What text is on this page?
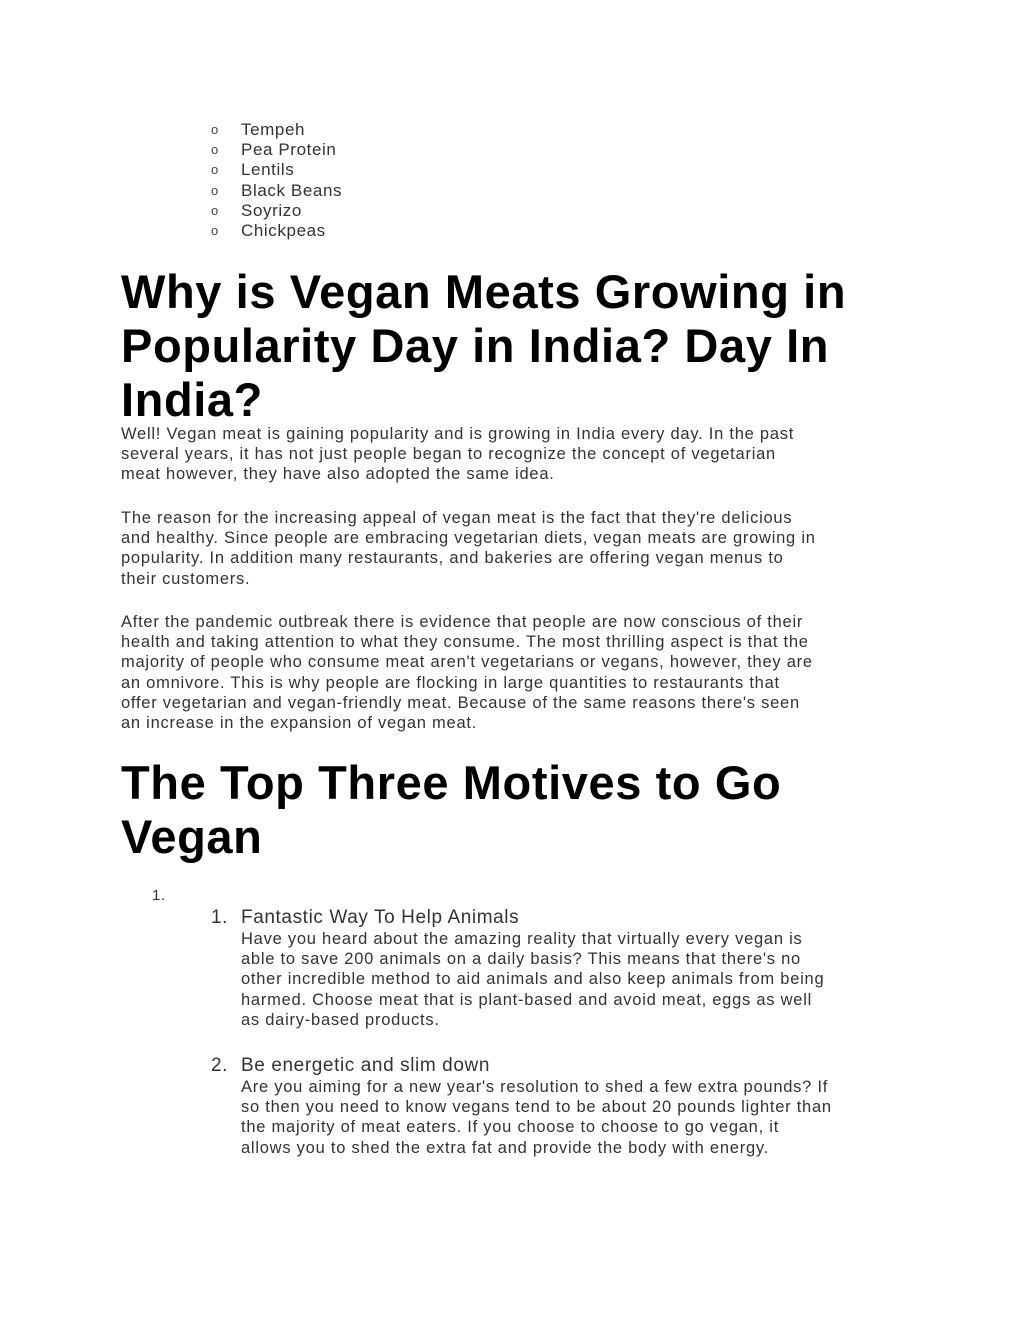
o Tempeh
o Pea Protein
o Lentils
o Black Beans
o Soyrizo
o Chickpeas
Why is Vegan Meats Growing in Popularity Day in India? Day In India?

Well! Vegan meat is gaining popularity and is growing in India every day. In the past
several years, it has not just people began to recognize the concept of vegetarian
meat however, they have also adopted the same idea.

The reason for the increasing appeal of vegan meat is the fact that they're delicious
and healthy. Since people are embracing vegetarian diets, vegan meats are growing in
popularity. In addition many restaurants, and bakeries are offering vegan menus to
their customers.

After the pandemic outbreak there is evidence that people are now conscious of their
health and taking attention to what they consume. The most thrilling aspect is that the
majority of people who consume meat aren't vegetarians or vegans, however, they are
an omnivore. This is why people are flocking in large quantities to restaurants that
offer vegetarian and vegan-friendly meat. Because of the same reasons there's seen
an increase in the expansion of vegan meat.

The Top Three Motives to Go Vegan
1.
1. Fantastic Way To Help Animals

Have you heard about the amazing reality that virtually every vegan is
able to save 200 animals on a daily basis? This means that there's no
other incredible method to aid animals and also keep animals from being
harmed. Choose meat that is plant-based and avoid meat, eggs as well
as dairy-based products.

2. Be energetic and slim down

Are you aiming for a new year's resolution to shed a few extra pounds? If
so then you need to know vegans tend to be about 20 pounds lighter than
the majority of meat eaters. If you choose to choose to go vegan, it
allows you to shed the extra fat and provide the body with energy.
